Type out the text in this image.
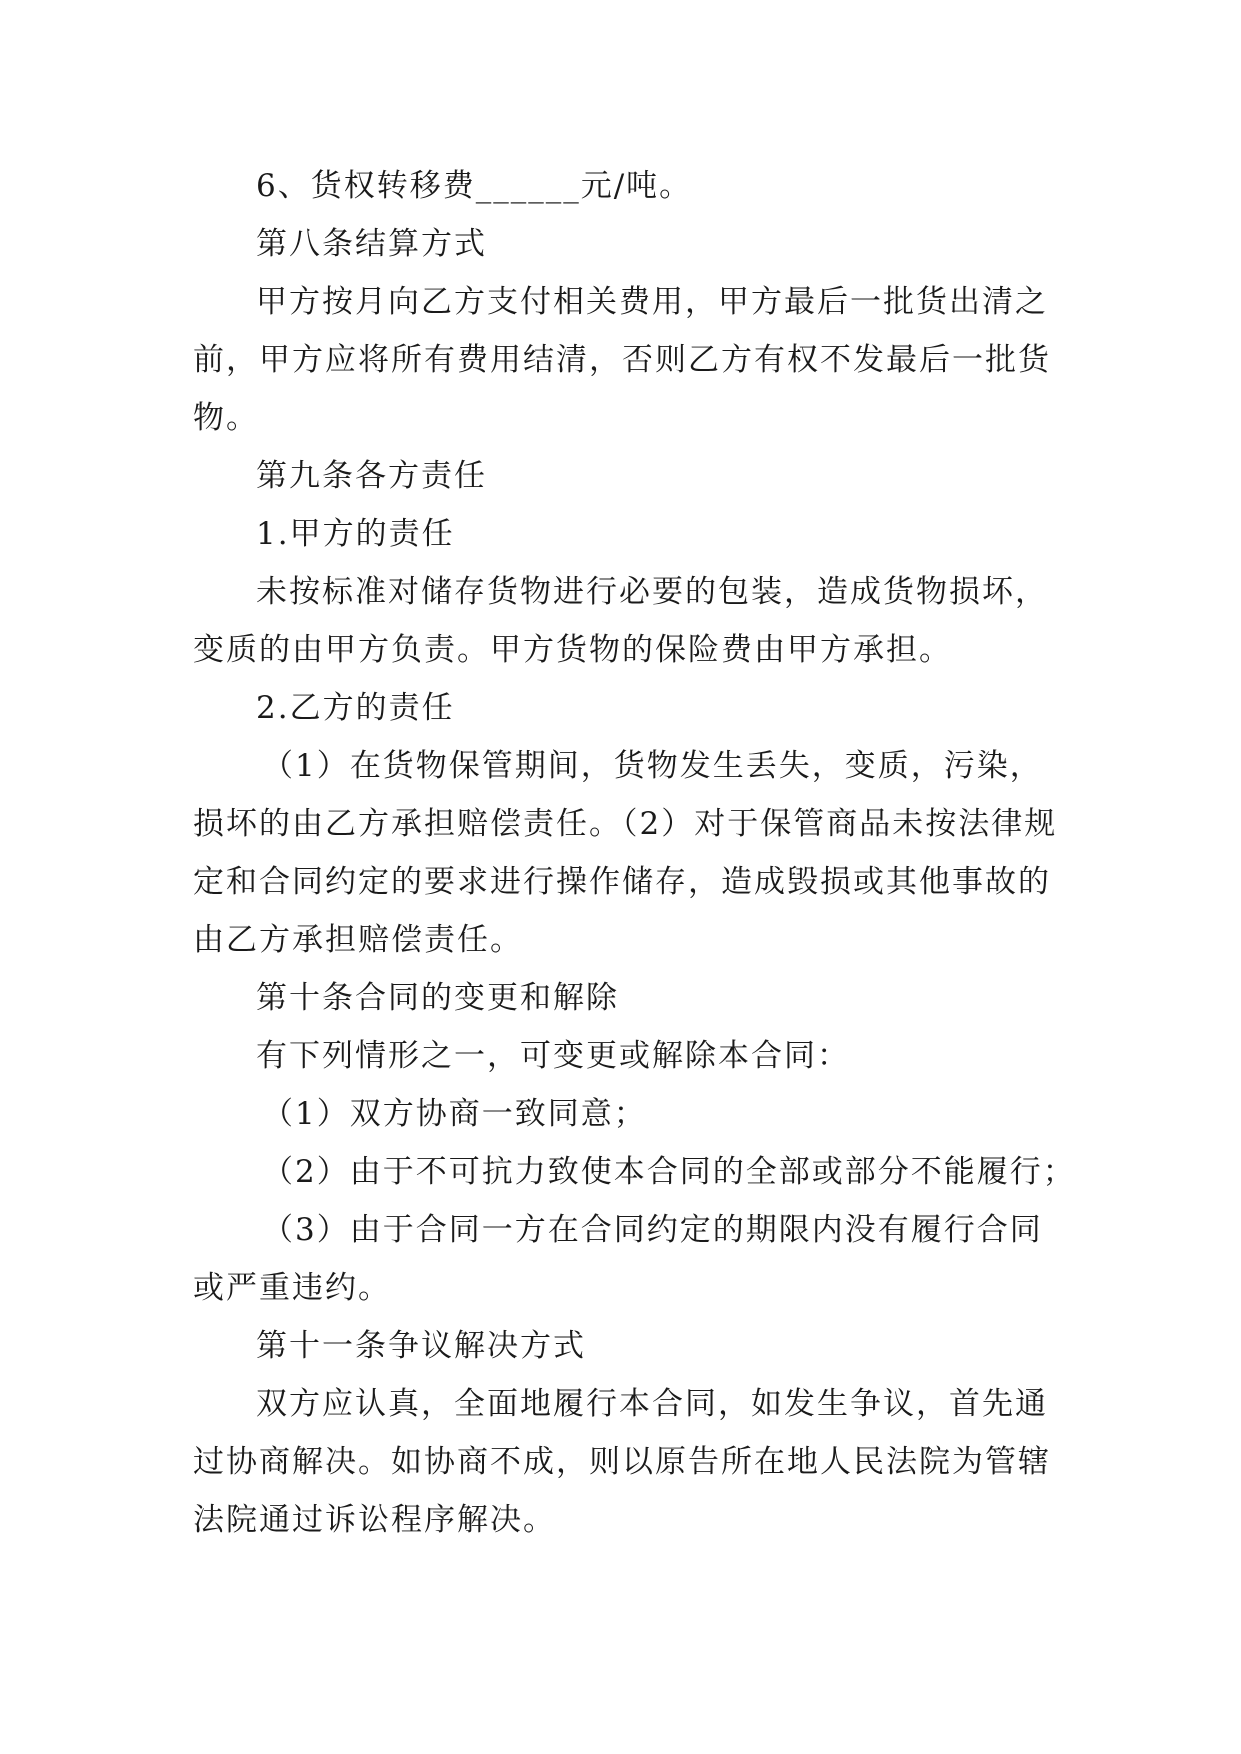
6、货权转移费______元/吨。
第八条结算方式
甲方按月向乙方支付相关费用，甲方最后一批货出清之
前，甲方应将所有费用结清，否则乙方有权不发最后一批货
物。
第九条各方责任
1.甲方的责任
未按标准对储存货物进行必要的包装，造成货物损坏，
变质的由甲方负责。甲方货物的保险费由甲方承担。
2.乙方的责任
（1）在货物保管期间，货物发生丢失，变质，污染，
损坏的由乙方承担赔偿责任。（2）对于保管商品未按法律规
定和合同约定的要求进行操作储存，造成毁损或其他事故的
由乙方承担赔偿责任。
第十条合同的变更和解除
有下列情形之一，可变更或解除本合同：
（1）双方协商一致同意；
（2）由于不可抗力致使本合同的全部或部分不能履行；
（3）由于合同一方在合同约定的期限内没有履行合同
或严重违约。
第十一条争议解决方式
双方应认真，全面地履行本合同，如发生争议，首先通
过协商解决。如协商不成，则以原告所在地人民法院为管辖
法院通过诉讼程序解决。
